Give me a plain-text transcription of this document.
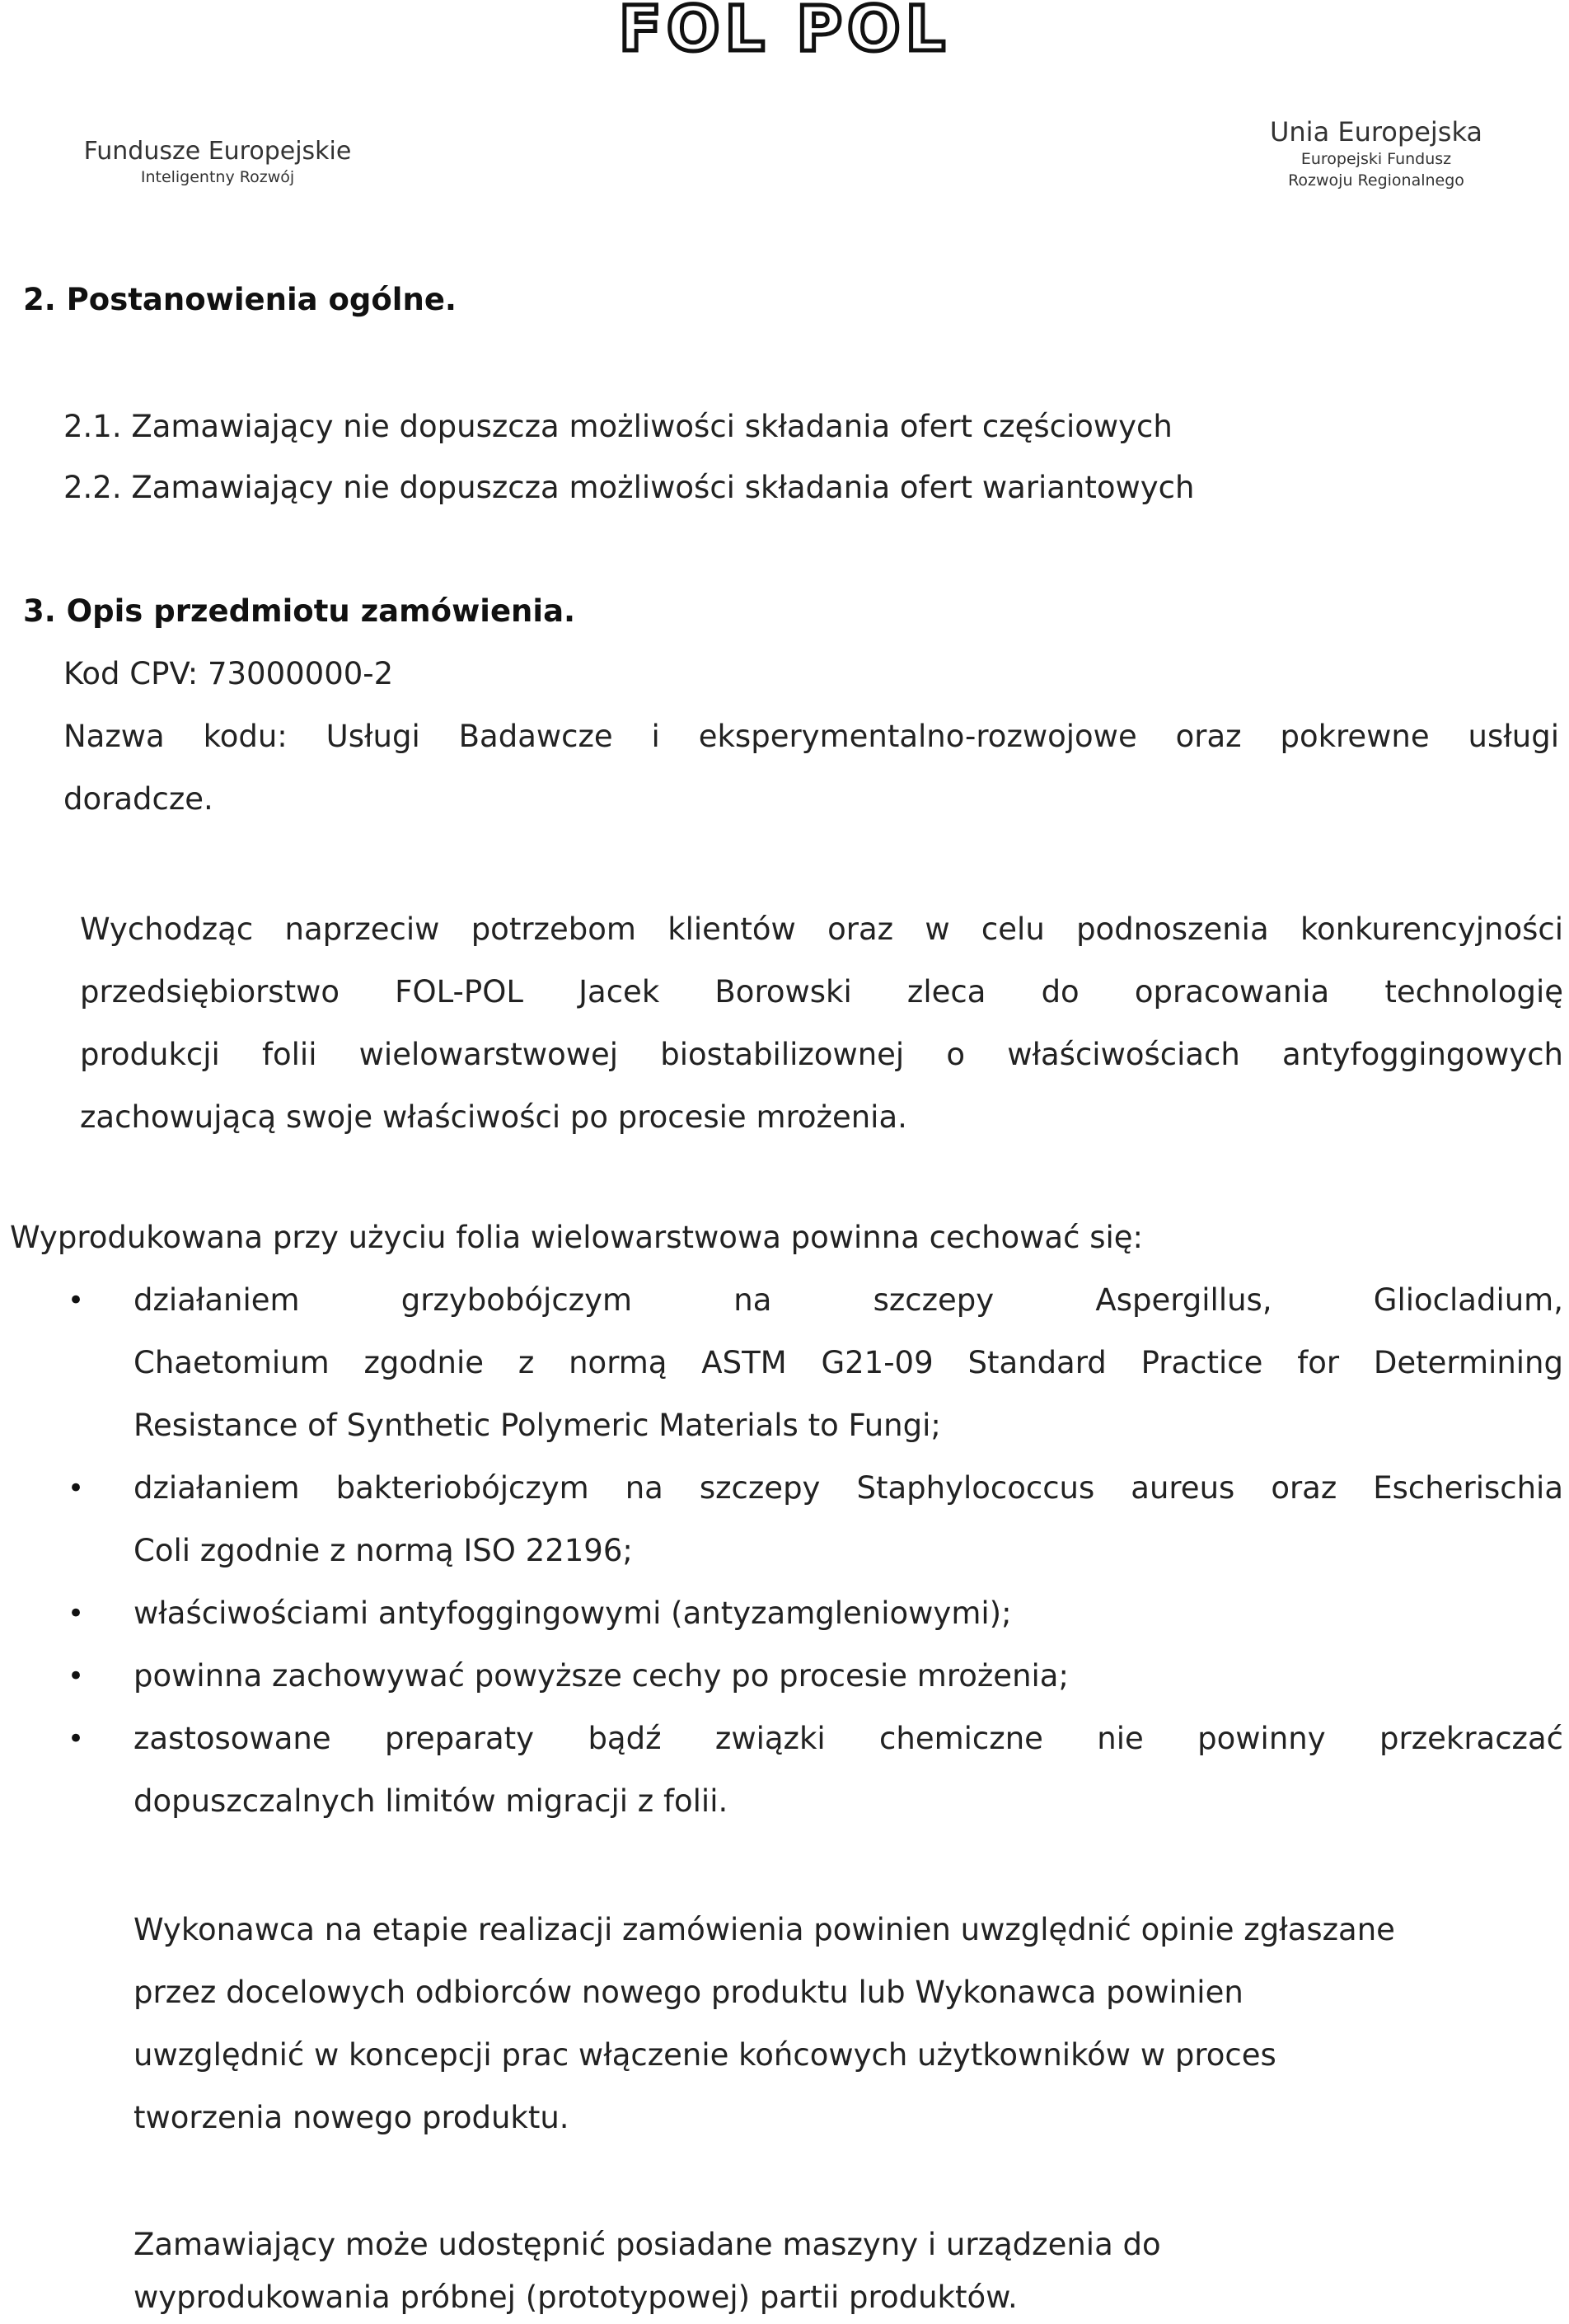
FOL POL
Fundusze Europejskie
Inteligentny Rozwój
Unia Europejska
Europejski Fundusz
Rozwoju Regionalnego
2. Postanowienia ogólne.
2.1. Zamawiający nie dopuszcza możliwości składania ofert częściowych
2.2. Zamawiający nie dopuszcza możliwości składania ofert wariantowych
3. Opis przedmiotu zamówienia.
Kod CPV: 73000000-2
Nazwa kodu: Usługi Badawcze i eksperymentalno-rozwojowe oraz pokrewne usługi
doradcze.
Wychodząc naprzeciw potrzebom klientów oraz w celu podnoszenia konkurencyjności
przedsiębiorstwo FOL-POL Jacek Borowski zleca do opracowania technologię
produkcji folii wielowarstwowej biostabilizownej o właściwościach antyfoggingowych
zachowującą swoje właściwości po procesie mrożenia.
Wyprodukowana przy użyciu folia wielowarstwowa powinna cechować się:
• działaniem grzybobójczym na szczepy Aspergillus, Gliocladium,
Chaetomium zgodnie z normą ASTM G21-09 Standard Practice for Determining
Resistance of Synthetic Polymeric Materials to Fungi;
• działaniem bakteriobójczym na szczepy Staphylococcus aureus oraz Escherischia
Coli zgodnie z normą ISO 22196;
• właściwościami antyfoggingowymi (antyzamgleniowymi);
• powinna zachowywać powyższe cechy po procesie mrożenia;
• zastosowane preparaty bądź związki chemiczne nie powinny przekraczać
dopuszczalnych limitów migracji z folii.
Wykonawca na etapie realizacji zamówienia powinien uwzględnić opinie zgłaszane
przez docelowych odbiorców nowego produktu lub Wykonawca powinien
uwzględnić w koncepcji prac włączenie końcowych użytkowników w proces
tworzenia nowego produktu.
Zamawiający może udostępnić posiadane maszyny i urządzenia do
wyprodukowania próbnej (prototypowej) partii produktów.
